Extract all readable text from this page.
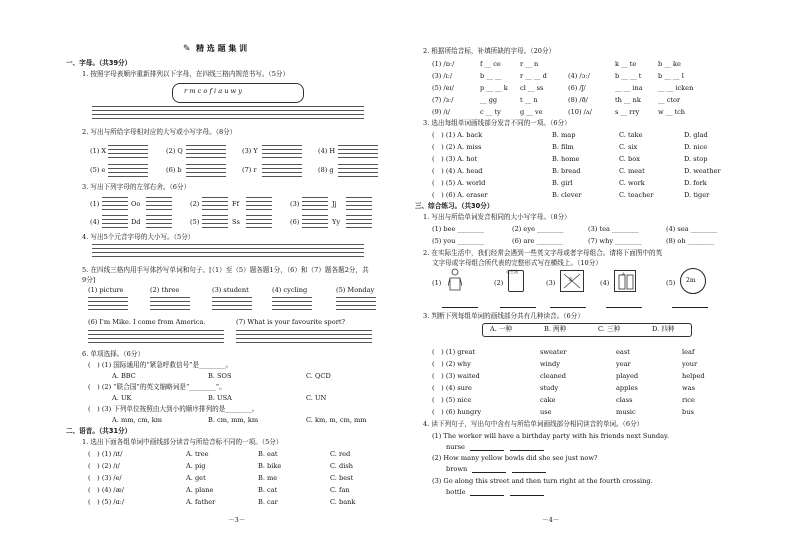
✎ 精 选 题 集 训
一、字母。（共39分）
1. 按照字母表顺序重新排列以下字母，在四线三格内规范书写。（5分）
r m c o f i a u w y
2. 写出与所给字母相对应的大写或小写字母。（8分）
(1) X	(2) Q	(3) Y	(4) H
(5) e	(6) b	(7) r	(8) g
3. 写出下列字母的左邻右舍。（6分）
(1)	Oo	(2)	Ff	(3)	Jj
(4)	Dd	(5)	Ss	(6)	Yy
4. 写出5个元音字母的大小写。（5分）
5. 在四线三格内用手写体抄写单词和句子。[（1）至（5）题各题1分，（6）和（7）题各题2分，共9分]
(1) picture	(2) three	(3) student	(4) cycling	(5) Monday
(6) I'm Mike. I come from America.	(7) What is your favourite sport?
6. 单项选择。（6分）
(　) (1) 国际通用的“紧急呼救信号”是________。
A. BBC	B. SOS	C. QCD
(　) (2) “联合国”的英文缩略词是“________”。
A. UK	B. USA	C. UN
(　) (3) 下列单位按照由大到小的顺序排列的是________。
A. mm, cm, km	B. cm, mm, km	C. km, m, cm, mm
二、语音。（共31分）
1. 选出下面各组单词中画线部分读音与所给音标不同的一项。（5分）
(　) (1) /ɪt/	A. tree	B. eat	C. red
(　) (2) /ɪ/	A. pig	B. bike	C. dish
(　) (3) /e/	A. get	B. me	C. best
(　) (4) /æ/	A. plane	B. cat	C. fan
(　) (5) /ɑː/	A. father	B. car	C. bank
－3－
2. 根据所给音标，补填所缺的字母。（20分）
(1) /ɒː/	f __ ce	r __ n	k __ te	b __ ke
(3) /ɪː/	b __ __	r __ __ d	(4) /ɔː/	b __ __ t	b __ __ l
(5) /eɪ/	p __ __ k cl __ ss	(6) /ʃ/	__ __ ina __ __ icken
(7) /ɜː/	__ gg	t __ n	(8) /ð/	th __ nk	__ ctor
(9) /ɪ/	c __ ty	g __ ve	(10) /ʌ/	s __ rry	w __ tch
3. 选出每组单词画线部分发音不同的一项。（6分）
(　) (1) A. back	B. map	C. take	D. glad
(　) (2) A. miss	B. film	C. six	D. nice
(　) (3) A. hot	B. home	C. box	D. stop
(　) (4) A. head	B. bread	C. meat	D. weather
(　) (5) A. world	B. girl	C. work	D. fork
(　) (6) A. eraser	B. clever	C. teacher	D. tiger
三、综合练习。（共30分）
1. 写出与所给单词发音相同的大小写字母。（8分）
(1) bee ________	(2) eye ________	(3) tea ________	(4) sea ________
(5) you ________	(6) are ________	(7) why ________	(8) oh ________
2. 在实际生活中，我们经常会遇到一些英文字母或者字母组合。请将下面图中的英
文字母或字母组合所代表的完整形式写在横线上。（10分）
(1)	(2)
花生油
(3)	E	(4)
A
(5) 2m
3. 判断下列每组单词的画线部分共有几种读音。（6分）
A. 一种	B. 两种	C. 三种	D. 四种
(　) (1) great	sweater	east	leaf
(　) (2) why	windy	year	your
(　) (3) waited	cleaned	played	helped
(　) (4) sure	study	apples	was
(　) (5) nice	cake	class	rice
(　) (6) hungry	use	music	bus
4. 读下列句子，写出句中含有与所给单词画线部分相同读音的单词。（6分）
(1) The worker will have a birthday party with his friends next Sunday.
nurse
(2) How many yellow bowls did she see just now?
brown
(3) Go along this street and then turn right at the fourth crossing.
bottle
－4－
